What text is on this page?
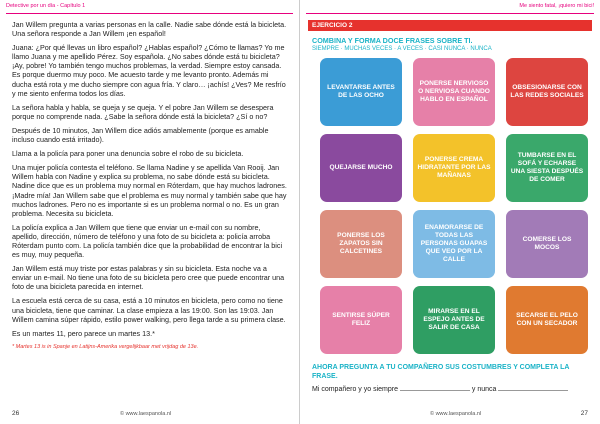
Detective por un día - Capítulo 1

Jan Willem pregunta a varias personas en la calle. Nadie sabe dónde está la bicicleta. Una señora responde a Jan Willem ¡en español!

Juana: ¿Por qué llevas un libro español? ¿Hablas español? ¿Cómo te llamas? Yo me llamo Juana y me apellido Pérez. Soy española. ¿No sabes dónde está tu bicicleta? ¡Ay, pobre! Yo también tengo muchos problemas, la verdad. Siempre estoy cansada. Es porque duermo muy poco. Me acuesto tarde y me levanto pronto. Además mi ducha está rota y me ducho siempre con agua fría. Y claro… ¡achís! ¿Ves? Me resfrío y me siento enferma todos los días.

La señora habla y habla, se queja y se queja. Y el pobre Jan Willem se desespera porque no comprende nada. ¿Sabe la señora dónde está la bicicleta? ¿Sí o no?

Después de 10 minutos, Jan Willem dice adiós amablemente (porque es amable incluso cuando está irritado).

Llama a la policía para poner una denuncia sobre el robo de su bicicleta.

Una mujer policía contesta el teléfono. Se llama Nadine y se apellida Van Rooij. Jan Willem habla con Nadine y explica su problema, no sabe dónde está su bicicleta. Nadine dice que es un problema muy normal en Róterdam, que hay muchos ladrones. ¡Madre mía! Jan Willem sabe que el problema es muy normal y también sabe que hay muchos ladrones. Pero no es importante si es un problema normal o no. Es un gran problema. Necesita su bicicleta.

La policía explica a Jan Willem que tiene que enviar un e-mail con su nombre, apellido, dirección, número de teléfono y una foto de su bicicleta a: policía arroba Róterdam punto com. La policía también dice que la probabilidad de encontrar la bici es muy, muy pequeña.

Jan Willem está muy triste por estas palabras y sin su bicicleta. Esta noche va a enviar un e-mail. No tiene una foto de su bicicleta pero cree que puede encontrar una foto de una bicicleta parecida en internet.

La escuela está cerca de su casa, está a 10 minutos en bicicleta, pero como no tiene una bicicleta, tiene que caminar. La clase empieza a las 19:00. Son las 19:03. Jan Willem camina súper rápido, estilo power walking, pero llega tarde a su primera clase.

Es un martes 11, pero parece un martes 13.*

* Martes 13 is in Spanje en Latijns-Amerika vergelijkbaar met vrijdag de 13e.
26	© www.laespanola.nl
Me siento fatal, ¡quiero mi bici!
EJERCICIO 2
COMBINA Y FORMA DOCE FRASES SOBRE TI.
SIEMPRE · MUCHAS VECES · A VECES · CASI NUNCA · NUNCA
LEVANTARSE ANTES DE LAS OCHO
PONERSE NERVIOSO O NERVIOSA CUANDO HABLO EN ESPAÑOL
OBSESIONARSE CON LAS REDES SOCIALES
QUEJARSE MUCHO
PONERSE CREMA HIDRATANTE POR LAS MAÑANAS
TUMBARSE EN EL SOFÁ Y ECHARSE UNA SIESTA DESPUÉS DE COMER
PONERSE LOS ZAPATOS SIN CALCETINES
ENAMORARSE DE TODAS LAS PERSONAS GUAPAS QUE VEO POR LA CALLE
COMERSE LOS MOCOS
SENTIRSE SÚPER FELIZ
MIRARSE EN EL ESPEJO ANTES DE SALIR DE CASA
SECARSE EL PELO CON UN SECADOR
AHORA PREGUNTA A TU COMPAÑERO SUS COSTUMBRES Y COMPLETA LA FRASE.
Mi compañero y yo siempre	y nunca
27
© www.laespanola.nl
